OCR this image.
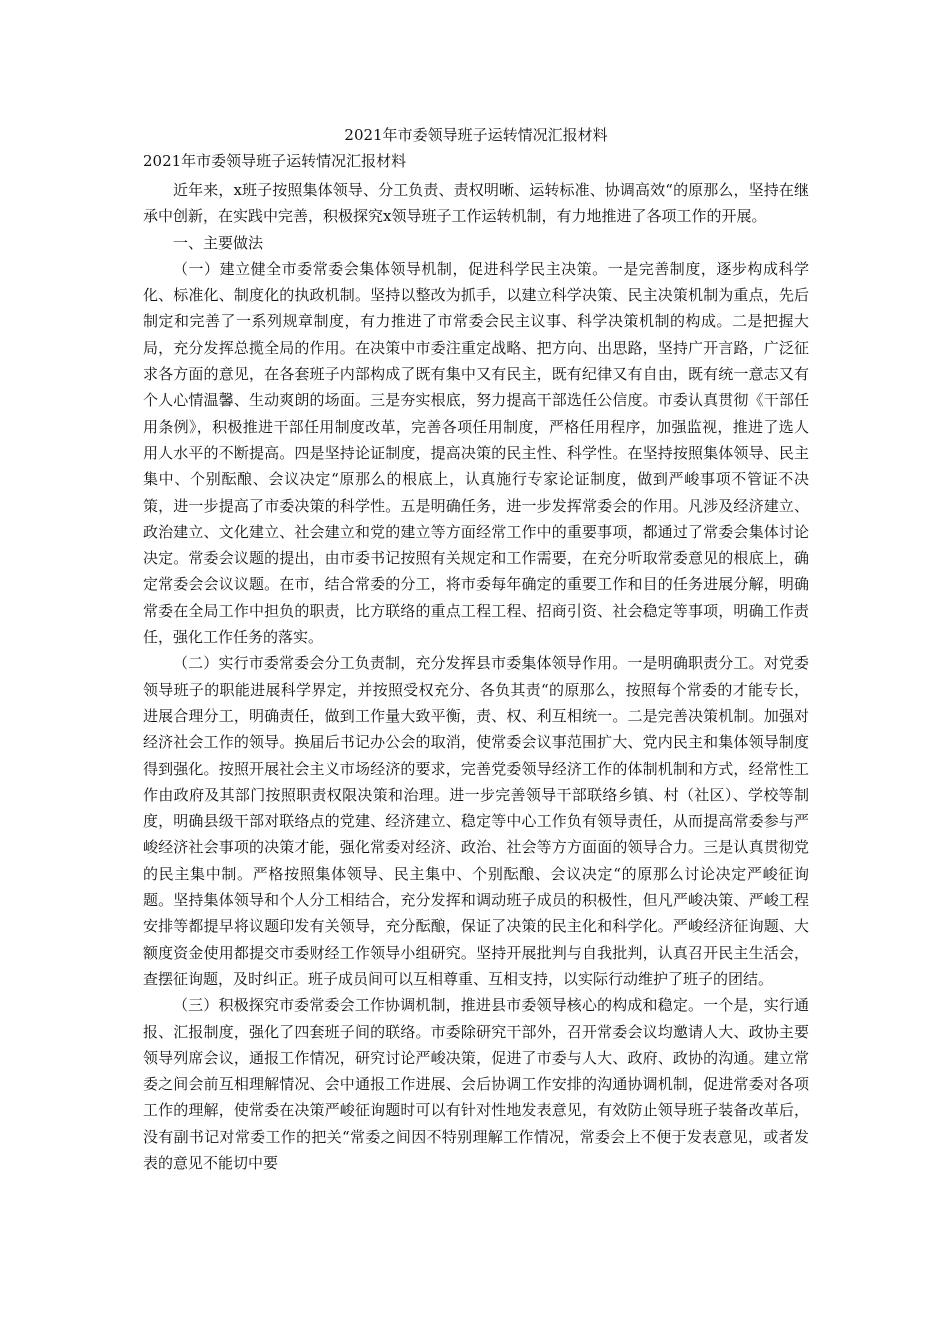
2021年市委领导班子运转情况汇报材料
2021年市委领导班子运转情况汇报材料

近年来，x班子按照集体领导、分工负责、责权明晰、运转标准、协调高效“的原那么，坚持在继承中创新，在实践中完善，积极探究x领导班子工作运转机制，有力地推进了各项工作的开展。

一、主要做法

（一）建立健全市委常委会集体领导机制，促进科学民主决策。一是完善制度，逐步构成科学化、标准化、制度化的执政机制。坚持以整改为抓手，以建立科学决策、民主决策机制为重点，先后制定和完善了一系列规章制度，有力推进了市常委会民主议事、科学决策机制的构成。二是把握大局，充分发挥总揽全局的作用。在决策中市委注重定战略、把方向、出思路，坚持广开言路，广泛征求各方面的意见，在各套班子内部构成了既有集中又有民主，既有纪律又有自由，既有统一意志又有个人心情温馨、生动爽朗的场面。三是夯实根底，努力提高干部选任公信度。市委认真贯彻《干部任用条例》，积极推进干部任用制度改革，完善各项任用制度，严格任用程序，加强监视，推进了选人用人水平的不断提高。四是坚持论证制度，提高决策的民主性、科学性。在坚持按照集体领导、民主集中、个别酝酿、会议决定“原那么的根底上，认真施行专家论证制度，做到严峻事项不管证不决策，进一步提高了市委决策的科学性。五是明确任务，进一步发挥常委会的作用。凡涉及经济建立、政治建立、文化建立、社会建立和党的建立等方面经常工作中的重要事项，都通过了常委会集体讨论决定。常委会议题的提出，由市委书记按照有关规定和工作需要，在充分听取常委意见的根底上，确定常委会会议议题。在市，结合常委的分工，将市委每年确定的重要工作和目的任务进展分解，明确常委在全局工作中担负的职责，比方联络的重点工程工程、招商引资、社会稳定等事项，明确工作责任，强化工作任务的落实。

（二）实行市委常委会分工负责制，充分发挥县市委集体领导作用。一是明确职责分工。对党委领导班子的职能进展科学界定，并按照受权充分、各负其责“的原那么，按照每个常委的才能专长，进展合理分工，明确责任，做到工作量大致平衡，责、权、利互相统一。二是完善决策机制。加强对经济社会工作的领导。换届后书记办公会的取消，使常委会议事范围扩大、党内民主和集体领导制度得到强化。按照开展社会主义市场经济的要求，完善党委领导经济工作的体制机制和方式，经常性工作由政府及其部门按照职责权限决策和治理。进一步完善领导干部联络乡镇、村（社区）、学校等制度，明确县级干部对联络点的党建、经济建立、稳定等中心工作负有领导责任，从而提高常委参与严峻经济社会事项的决策才能，强化常委对经济、政治、社会等方方面面的领导合力。三是认真贯彻党的民主集中制。严格按照集体领导、民主集中、个别酝酿、会议决定“的原那么讨论决定严峻征询题。坚持集体领导和个人分工相结合，充分发挥和调动班子成员的积极性，但凡严峻决策、严峻工程安排等都提早将议题印发有关领导，充分酝酿，保证了决策的民主化和科学化。严峻经济征询题、大额度资金使用都提交市委财经工作领导小组研究。坚持开展批判与自我批判，认真召开民主生活会，查摆征询题，及时纠正。班子成员间可以互相尊重、互相支持，以实际行动维护了班子的团结。

（三）积极探究市委常委会工作协调机制，推进县市委领导核心的构成和稳定。一个是，实行通报、汇报制度，强化了四套班子间的联络。市委除研究干部外，召开常委会议均邀请人大、政协主要领导列席会议，通报工作情况，研究讨论严峻决策，促进了市委与人大、政府、政协的沟通。建立常委之间会前互相理解情况、会中通报工作进展、会后协调工作安排的沟通协调机制，促进常委对各项工作的理解，使常委在决策严峻征询题时可以有针对性地发表意见，有效防止领导班子装备改革后，没有副书记对常委工作的把关“常委之间因不特别理解工作情况，常委会上不便于发表意见，或者发表的意见不能切中要
